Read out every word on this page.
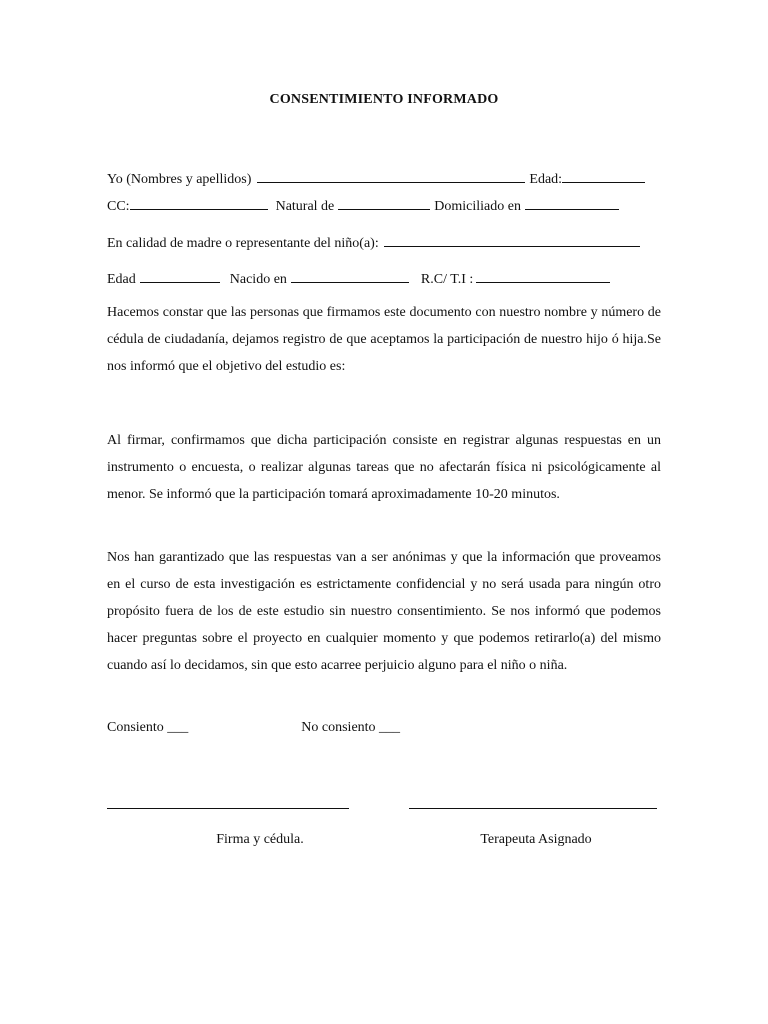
CONSENTIMIENTO INFORMADO
Yo (Nombres y apellidos)	Edad:
CC:	Natural de	Domiciliado en
En calidad de madre o representante del niño(a):
Edad	Nacido en	R.C/ T.I :

Hacemos constar que las personas que firmamos este documento con nuestro nombre y número de cédula de ciudadanía, dejamos registro de que aceptamos la participación de nuestro hijo ó hija.Se nos informó que el objetivo del estudio es:

Al firmar, confirmamos que dicha participación consiste en registrar algunas respuestas en un instrumento o encuesta, o realizar algunas tareas que no afectarán física ni psicológicamente al menor. Se informó que la participación tomará aproximadamente 10-20 minutos.

Nos han garantizado que las respuestas van a ser anónimas y que la información que proveamos en el curso de esta investigación es estrictamente confidencial y no será usada para ningún otro propósito fuera de los de este estudio sin nuestro consentimiento. Se nos informó que podemos hacer preguntas sobre el proyecto en cualquier momento y que podemos retirarlo(a) del mismo cuando así lo decidamos, sin que esto acarree perjuicio alguno para el niño o niña.

Consiento ___	No consiento ___
Firma y cédula.	Terapeuta Asignado
